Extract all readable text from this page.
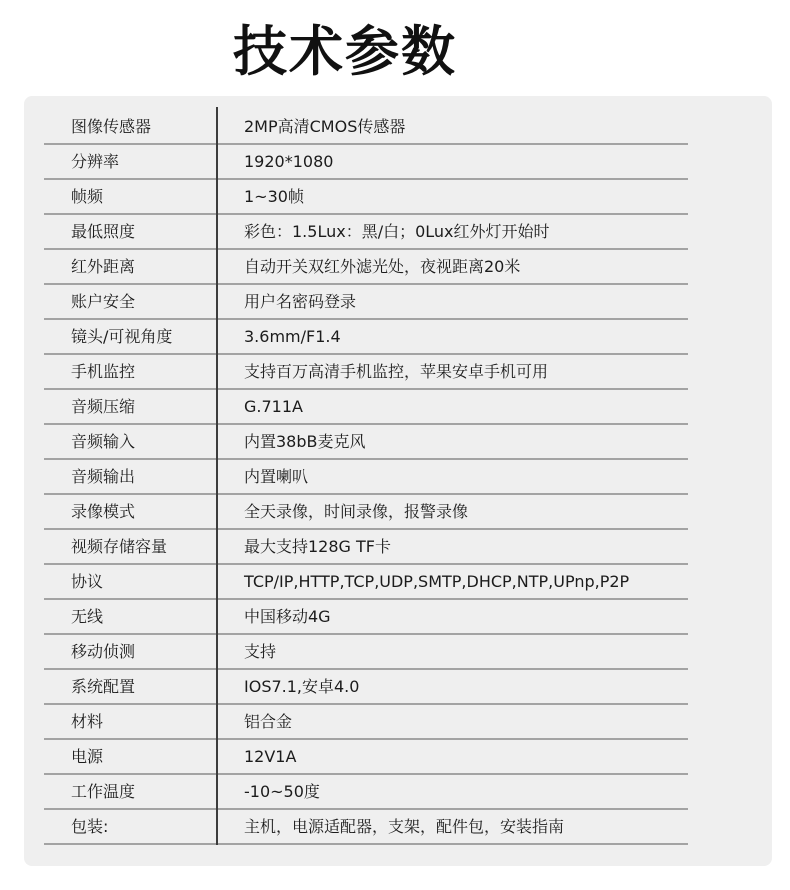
技术参数
图像传感器	2MP高清CMOS传感器
分辨率	1920*1080
帧频	1~30帧
最低照度	彩色：1.5Lux：黑/白；0Lux红外灯开始时
红外距离	自动开关双红外滤光处，夜视距离20米
账户安全	用户名密码登录
镜头/可视角度	3.6mm/F1.4
手机监控	支持百万高清手机监控，苹果安卓手机可用
音频压缩	G.711A
音频输入	内置38bB麦克风
音频输出	内置喇叭
录像模式	全天录像，时间录像，报警录像
视频存储容量	最大支持128G TF卡
协议	TCP/IP,HTTP,TCP,UDP,SMTP,DHCP,NTP,UPnp,P2P
无线	中国移动4G
移动侦测	支持
系统配置	IOS7.1,安卓4.0
材料	铝合金
电源	12V1A
工作温度	-10~50度
包装:	主机，电源适配器，支架，配件包，安装指南
